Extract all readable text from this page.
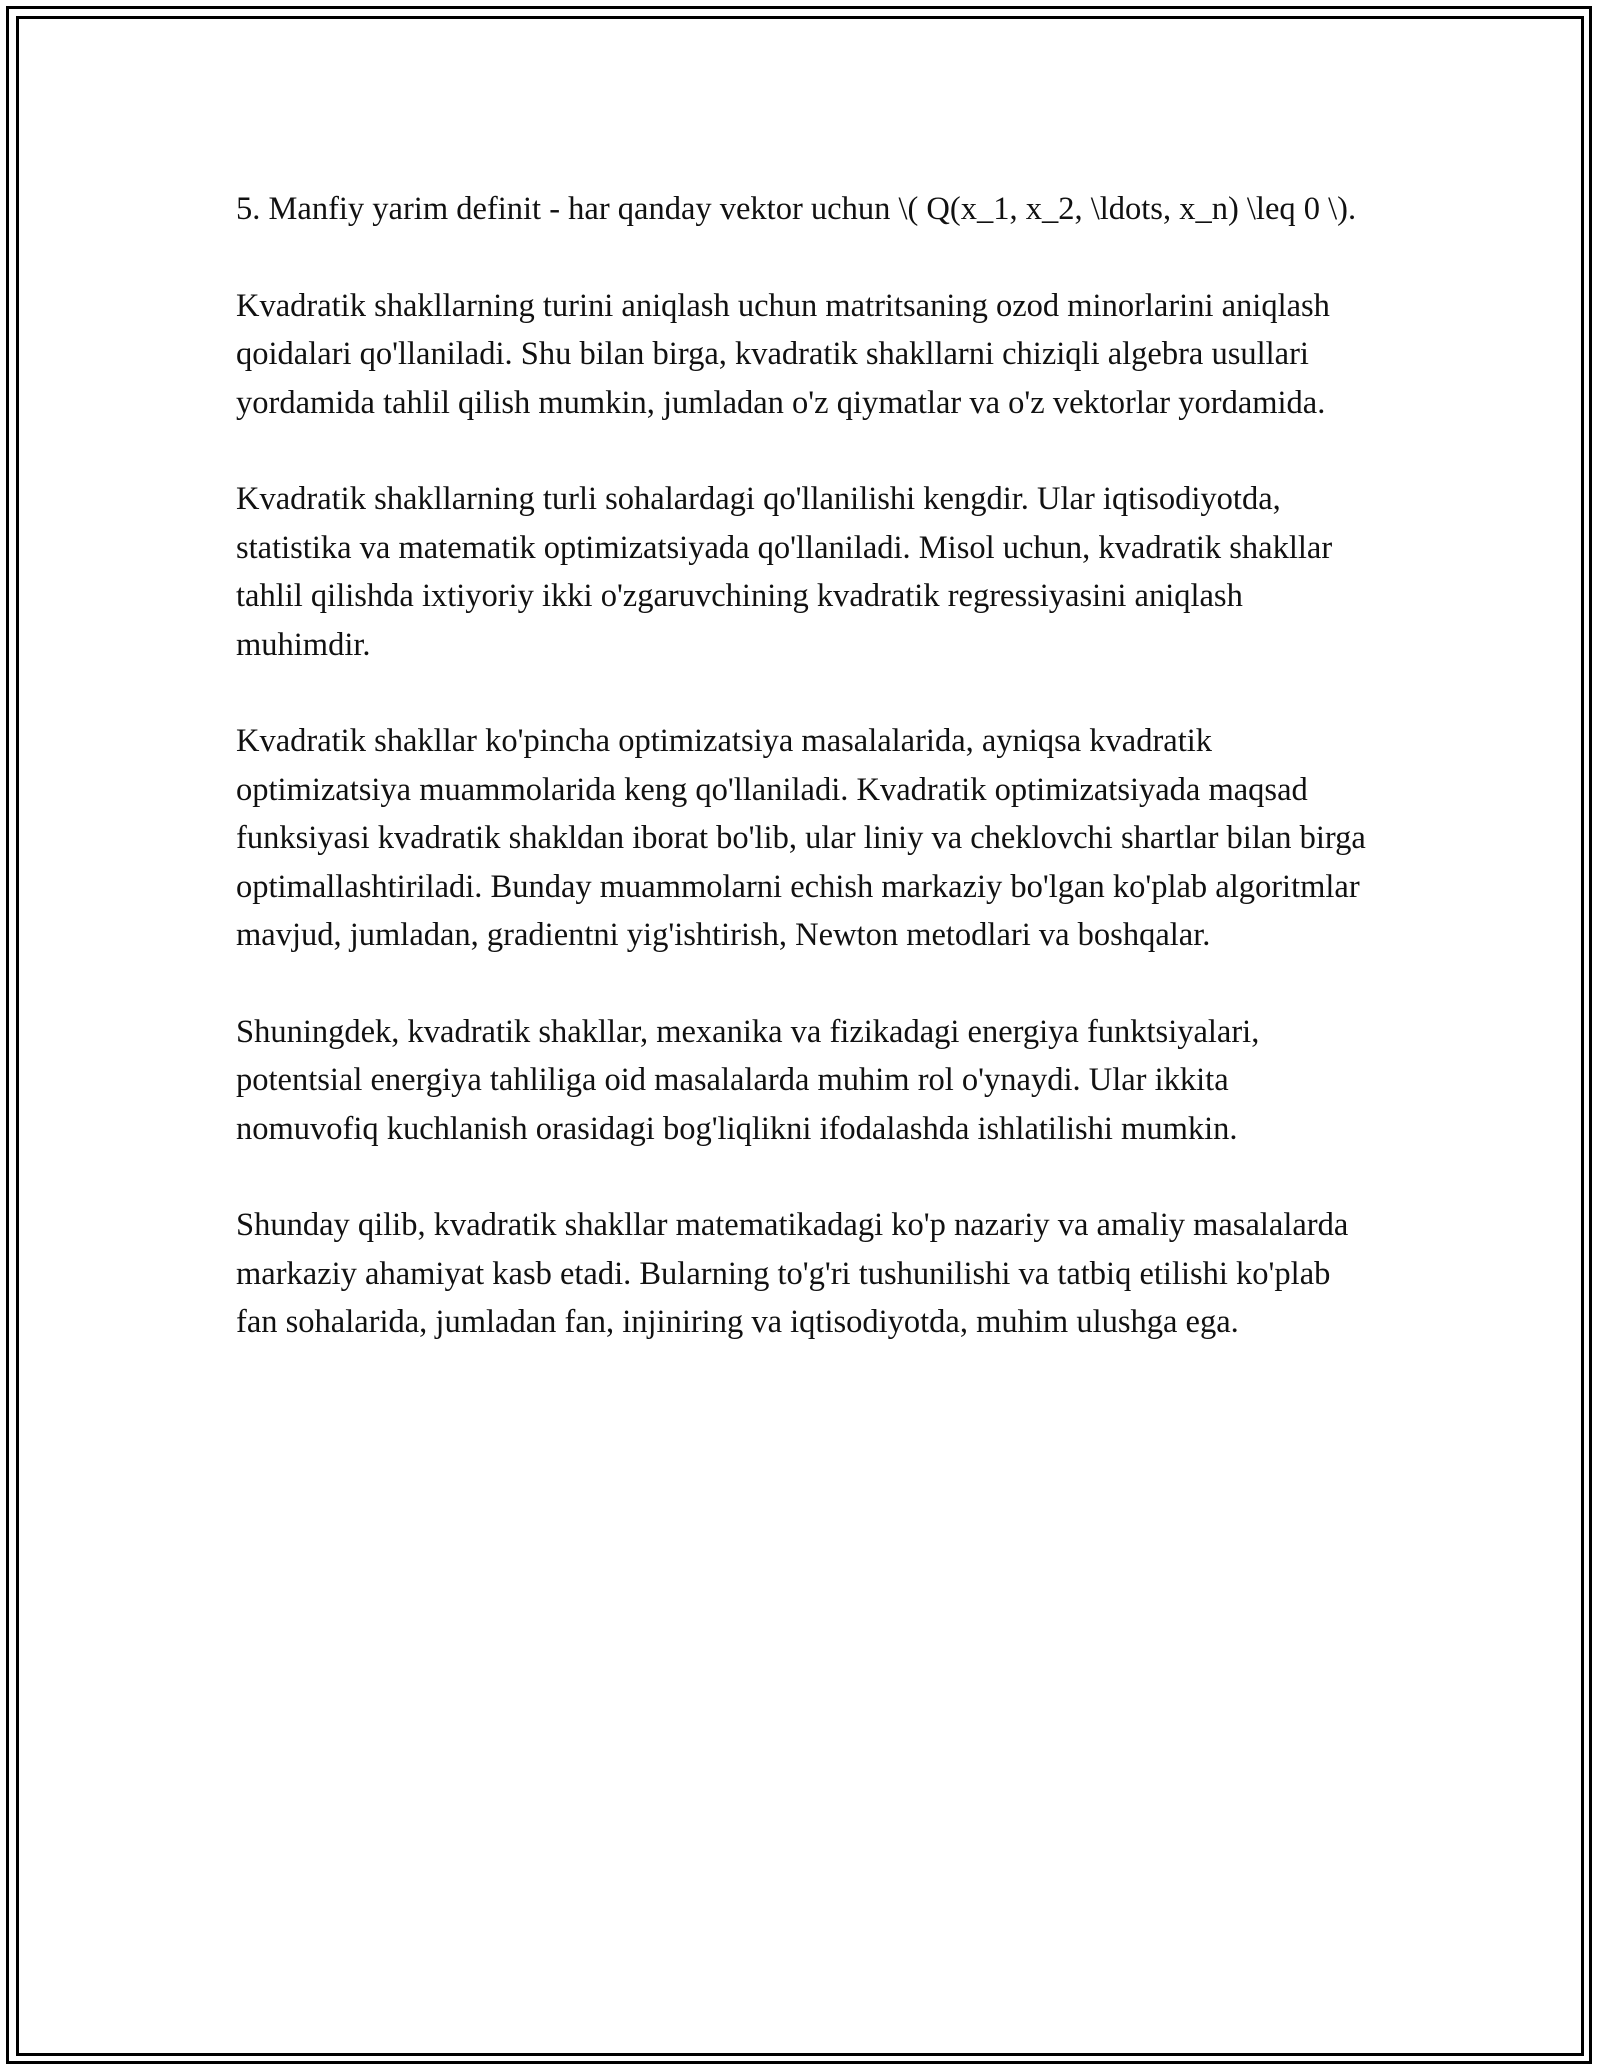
5. Manfiy yarim definit - har qanday vektor uchun \( Q(x_1, x_2, \ldots, x_n) \leq 0 \).

Kvadratik shakllarning turini aniqlash uchun matritsaning ozod minorlarini aniqlash qoidalari qo'llaniladi. Shu bilan birga, kvadratik shakllarni chiziqli algebra usullari yordamida tahlil qilish mumkin, jumladan o'z qiymatlar va o'z vektorlar yordamida.

Kvadratik shakllarning turli sohalardagi qo'llanilishi kengdir. Ular iqtisodiyotda, statistika va matematik optimizatsiyada qo'llaniladi. Misol uchun, kvadratik shakllar tahlil qilishda ixtiyoriy ikki o'zgaruvchining kvadratik regressiyasini aniqlash muhimdir.

Kvadratik shakllar ko'pincha optimizatsiya masalalarida, ayniqsa kvadratik optimizatsiya muammolarida keng qo'llaniladi. Kvadratik optimizatsiyada maqsad funksiyasi kvadratik shakldan iborat bo'lib, ular liniy va cheklovchi shartlar bilan birga optimallashtiriladi. Bunday muammolarni echish markaziy bo'lgan ko'plab algoritmlar mavjud, jumladan, gradientni yig'ishtirish, Newton metodlari va boshqalar.

Shuningdek, kvadratik shakllar, mexanika va fizikadagi energiya funktsiyalari, potentsial energiya tahliliga oid masalalarda muhim rol o'ynaydi. Ular ikkita nomuvofiq kuchlanish orasidagi bog'liqlikni ifodalashda ishlatilishi mumkin.

Shunday qilib, kvadratik shakllar matematikadagi ko'p nazariy va amaliy masalalarda markaziy ahamiyat kasb etadi. Bularning to'g'ri tushunilishi va tatbiq etilishi ko'plab fan sohalarida, jumladan fan, injiniring va iqtisodiyotda, muhim ulushga ega.
